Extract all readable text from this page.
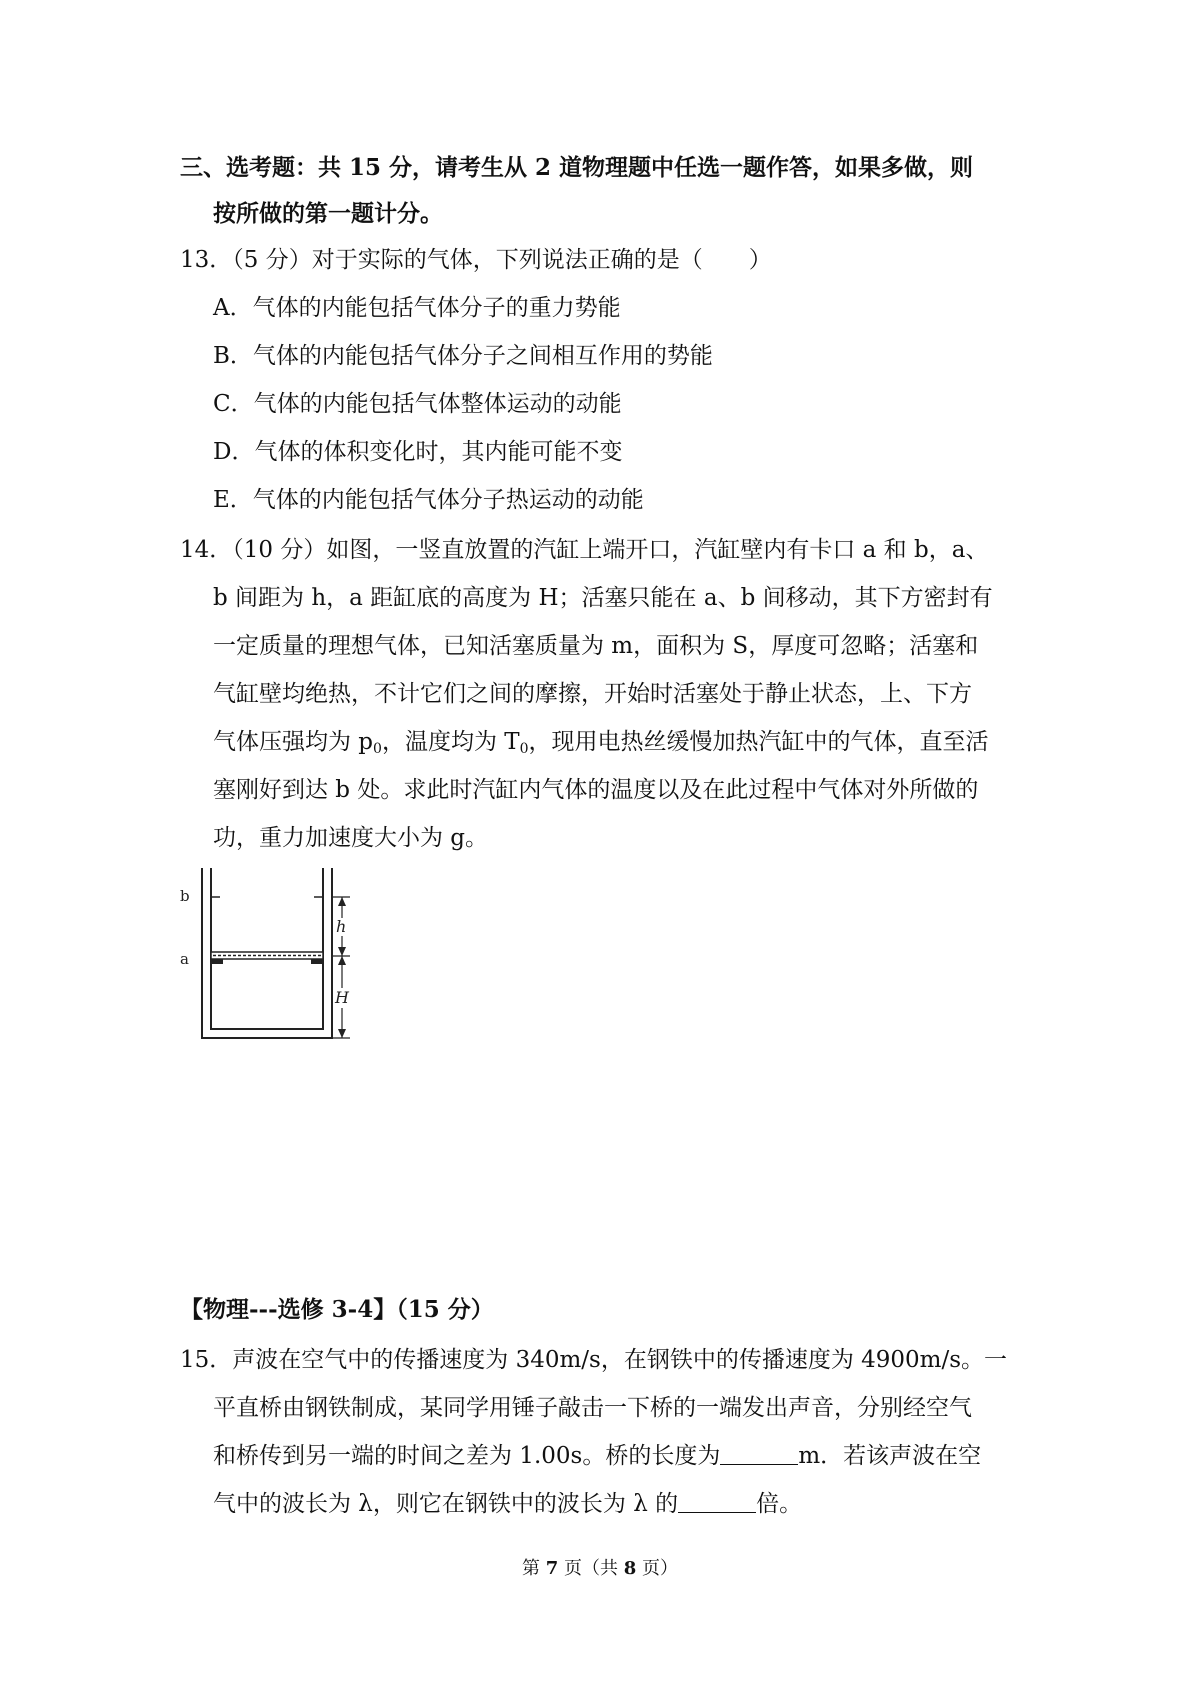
三、选考题：共 15 分，请考生从 2 道物理题中任选一题作答，如果多做，则
按所做的第一题计分。
13．（5 分）对于实际的气体，下列说法正确的是（　　）
A．气体的内能包括气体分子的重力势能
B．气体的内能包括气体分子之间相互作用的势能
C．气体的内能包括气体整体运动的动能
D．气体的体积变化时，其内能可能不变
E．气体的内能包括气体分子热运动的动能
14．（10 分）如图，一竖直放置的汽缸上端开口，汽缸壁内有卡口 a 和 b，a、
b 间距为 h，a 距缸底的高度为 H；活塞只能在 a、b 间移动，其下方密封有
一定质量的理想气体，已知活塞质量为 m，面积为 S，厚度可忽略；活塞和
气缸壁均绝热，不计它们之间的摩擦，开始时活塞处于静止状态，上、下方
气体压强均为 $p_0$，温度均为 $T_0$，现用电热丝缓慢加热汽缸中的气体，直至活
塞刚好到达 b 处。求此时汽缸内气体的温度以及在此过程中气体对外所做的
功，重力加速度大小为 g。
b
a
h
H
【物理---选修 3-4】（15 分）
15．声波在空气中的传播速度为 340m/s，在钢铁中的传播速度为 4900m/s。一
平直桥由钢铁制成，某同学用锤子敲击一下桥的一端发出声音，分别经空气
和桥传到另一端的时间之差为 1.00s。桥的长度为	m．若该声波在空
气中的波长为 λ，则它在钢铁中的波长为 λ 的	倍。
第 7 页（共 8 页）
